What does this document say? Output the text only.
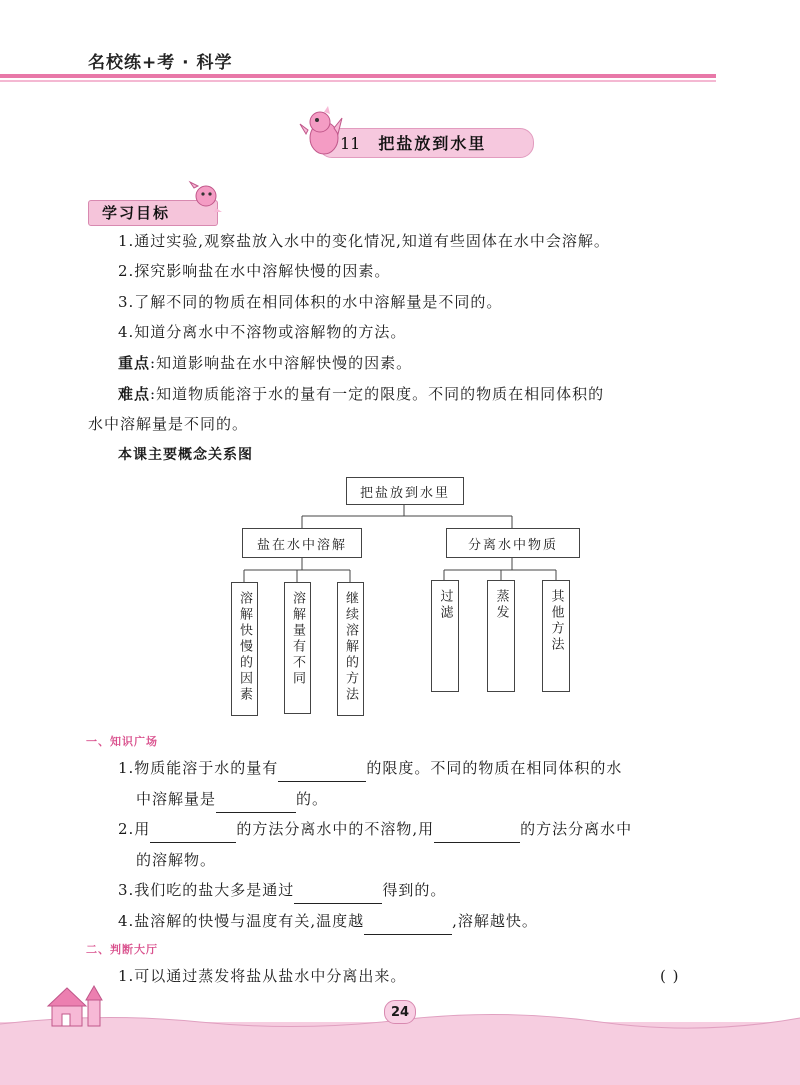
名校练+考 · 科学
11 把盐放到水里
学习目标
1.通过实验,观察盐放入水中的变化情况,知道有些固体在水中会溶解。
2.探究影响盐在水中溶解快慢的因素。
3.了解不同的物质在相同体积的水中溶解量是不同的。
4.知道分离水中不溶物或溶解物的方法。
重点:知道影响盐在水中溶解快慢的因素。
难点:知道物质能溶于水的量有一定的限度。不同的物质在相同体积的
水中溶解量是不同的。
本课主要概念关系图
把盐放到水里
盐在水中溶解	分离水中物质
溶解快慢的因素	溶解量有不同	继续溶解的方法	过滤	蒸发	其他方法
一、知识广场
1.物质能溶于水的量有	的限度。不同的物质在相同体积的水
中溶解量是	的。
2.用	的方法分离水中的不溶物,用	的方法分离水中
的溶解物。
3.我们吃的盐大多是通过	得到的。
4.盐溶解的快慢与温度有关,温度越	,溶解越快。
二、判断大厅
1.可以通过蒸发将盐从盐水中分离出来。	( )
24
